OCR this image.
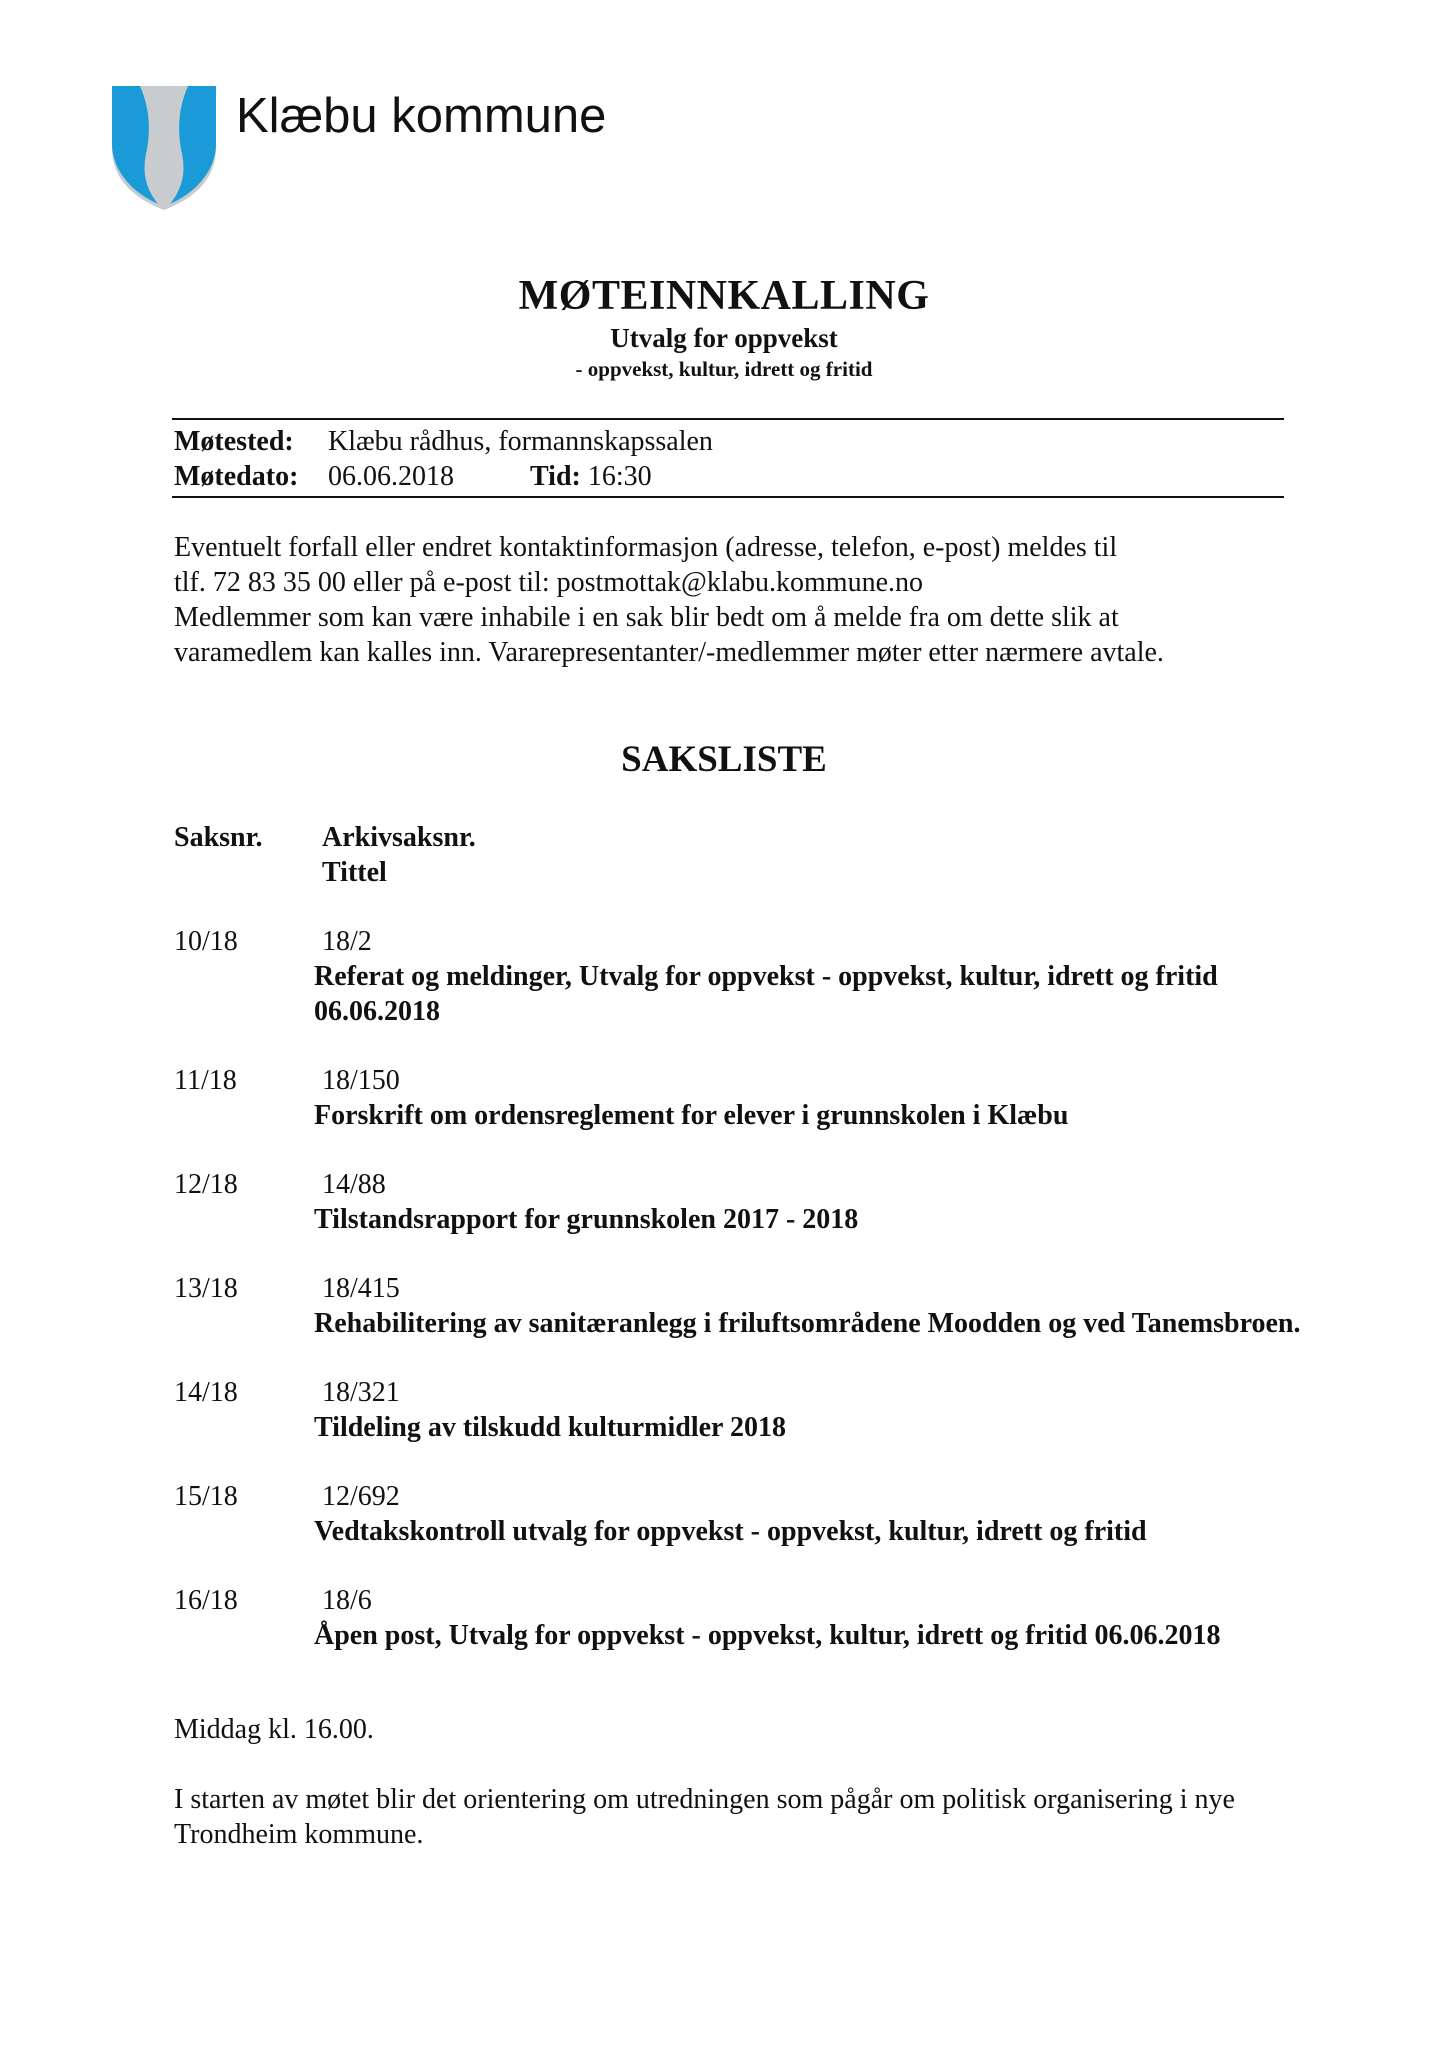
Klæbu kommune
MØTEINNKALLING
Utvalg for oppvekst
- oppvekst, kultur, idrett og fritid
Møtested: Klæbu rådhus, formannskapssalen
Møtedato: 06.06.2018	Tid: 16:30

Eventuelt forfall eller endret kontaktinformasjon (adresse, telefon, e-post) meldes til

tlf. 72 83 35 00 eller på e-post til: postmottak@klabu.kommune.no

Medlemmer som kan være inhabile i en sak blir bedt om å melde fra om dette slik at

varamedlem kan kalles inn. Vararepresentanter/-medlemmer møter etter nærmere avtale.

SAKSLISTE
Saksnr. Arkivsaksnr.
Tittel
10/18	18/2
Referat og meldinger, Utvalg for oppvekst - oppvekst, kultur, idrett og fritid 06.06.2018
11/18	18/150
Forskrift om ordensreglement for elever i grunnskolen i Klæbu
12/18	14/88
Tilstandsrapport for grunnskolen 2017 - 2018
13/18	18/415
Rehabilitering av sanitæranlegg i friluftsområdene Moodden og ved Tanemsbroen.
14/18	18/321
Tildeling av tilskudd kulturmidler 2018
15/18	12/692
Vedtakskontroll utvalg for oppvekst - oppvekst, kultur, idrett og fritid
16/18	18/6
Åpen post, Utvalg for oppvekst - oppvekst, kultur, idrett og fritid 06.06.2018

Middag kl. 16.00.

I starten av møtet blir det orientering om utredningen som pågår om politisk organisering i nye Trondheim kommune.
